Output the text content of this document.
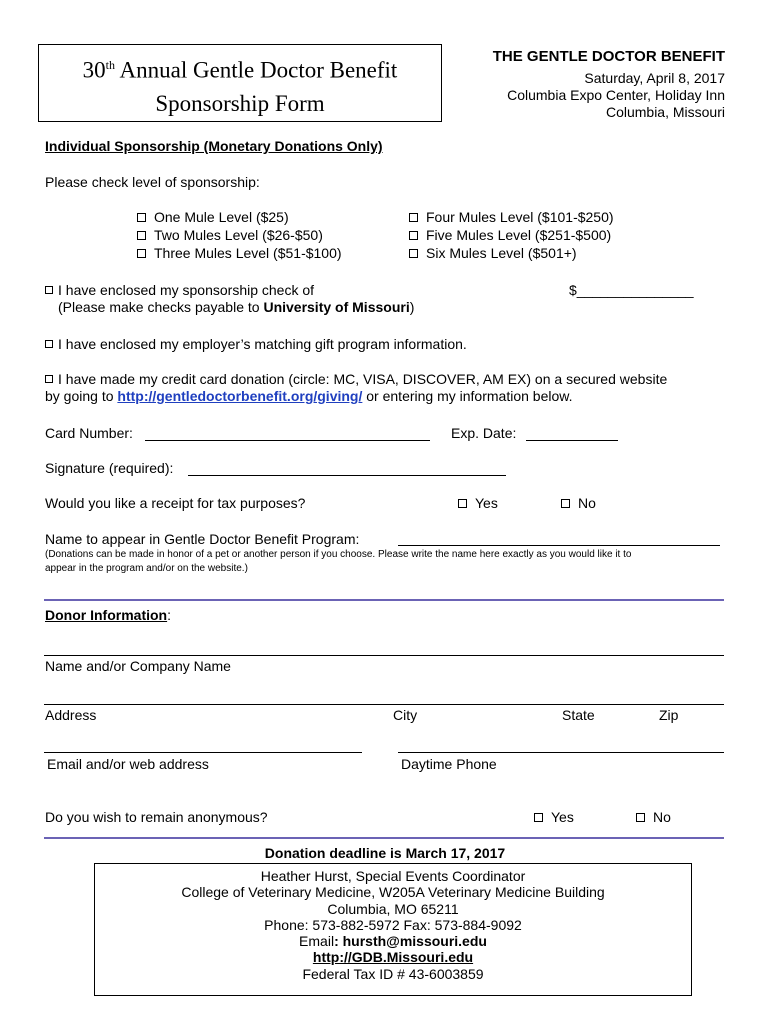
30th Annual Gentle Doctor Benefit
Sponsorship Form
THE GENTLE DOCTOR BENEFIT
Saturday, April 8, 2017
Columbia Expo Center, Holiday Inn
Columbia, Missouri
Individual Sponsorship (Monetary Donations Only)
Please check level of sponsorship:
One Mule Level ($25)
Two Mules Level ($26-$50)
Three Mules Level ($51-$100)
Four Mules Level ($101-$250)
Five Mules Level ($251-$500)
Six Mules Level ($501+)
I have enclosed my sponsorship check of	$_______________
(Please make checks payable to University of Missouri)
I have enclosed my employer’s matching gift program information.
I have made my credit card donation (circle: MC, VISA, DISCOVER, AM EX) on a secured website
by going to http://gentledoctorbenefit.org/giving/ or entering my information below.
Card Number:	Exp. Date:
Signature (required):
Would you like a receipt for tax purposes?	Yes	No
Name to appear in Gentle Doctor Benefit Program:
(Donations can be made in honor of a pet or another person if you choose. Please write the name here exactly as you would like it to
appear in the program and/or on the website.)
Donor Information:
Name and/or Company Name
Address	City	State	Zip
Email and/or web address	Daytime Phone
Do you wish to remain anonymous?	Yes	No
Donation deadline is March 17, 2017
Heather Hurst, Special Events Coordinator
College of Veterinary Medicine, W205A Veterinary Medicine Building
Columbia, MO 65211
Phone: 573-882-5972 Fax: 573-884-9092
Email: hursth@missouri.edu
http://GDB.Missouri.edu
Federal Tax ID # 43-6003859
